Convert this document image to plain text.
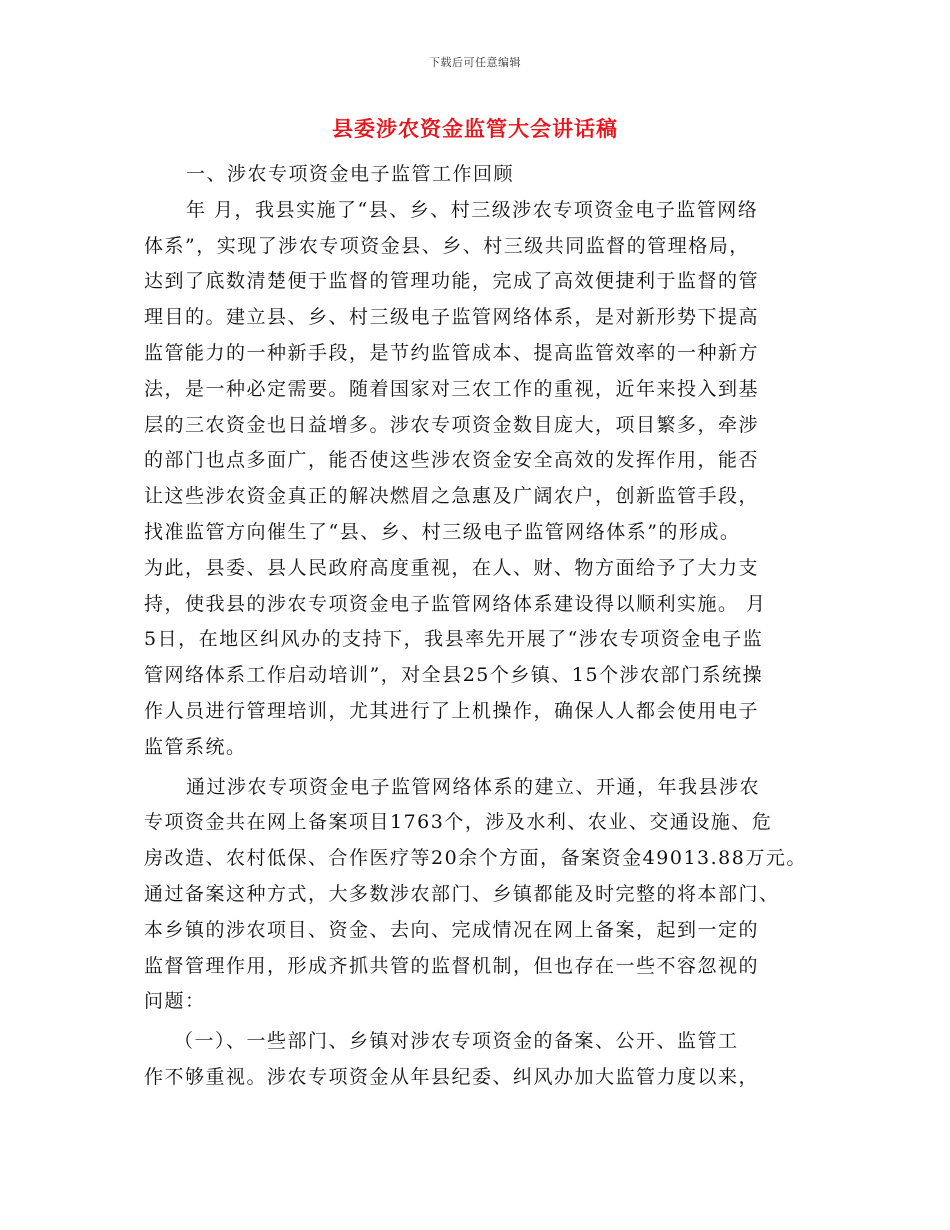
下载后可任意编辑
县委涉农资金监管大会讲话稿
一、涉农专项资金电子监管工作回顾
年 月，我县实施了“县、乡、村三级涉农专项资金电子监管网络
体系”，实现了涉农专项资金县、乡、村三级共同监督的管理格局，
达到了底数清楚便于监督的管理功能，完成了高效便捷利于监督的管
理目的。建立县、乡、村三级电子监管网络体系，是对新形势下提高
监管能力的一种新手段，是节约监管成本、提高监管效率的一种新方
法，是一种必定需要。随着国家对三农工作的重视，近年来投入到基
层的三农资金也日益增多。涉农专项资金数目庞大，项目繁多，牵涉
的部门也点多面广，能否使这些涉农资金安全高效的发挥作用，能否
让这些涉农资金真正的解决燃眉之急惠及广阔农户，创新监管手段，
找准监管方向催生了“县、乡、村三级电子监管网络体系”的形成。
为此，县委、县人民政府高度重视，在人、财、物方面给予了大力支
持，使我县的涉农专项资金电子监管网络体系建设得以顺利实施。 月
5日，在地区纠风办的支持下，我县率先开展了“涉农专项资金电子监
管网络体系工作启动培训”，对全县25个乡镇、15个涉农部门系统操
作人员进行管理培训，尤其进行了上机操作，确保人人都会使用电子
监管系统。
通过涉农专项资金电子监管网络体系的建立、开通，年我县涉农
专项资金共在网上备案项目1763个，涉及水利、农业、交通设施、危
房改造、农村低保、合作医疗等20余个方面，备案资金49013.88万元。
通过备案这种方式，大多数涉农部门、乡镇都能及时完整的将本部门、
本乡镇的涉农项目、资金、去向、完成情况在网上备案，起到一定的
监督管理作用，形成齐抓共管的监督机制，但也存在一些不容忽视的
问题：
（一）、一些部门、乡镇对涉农专项资金的备案、公开、监管工
作不够重视。涉农专项资金从年县纪委、纠风办加大监管力度以来，
